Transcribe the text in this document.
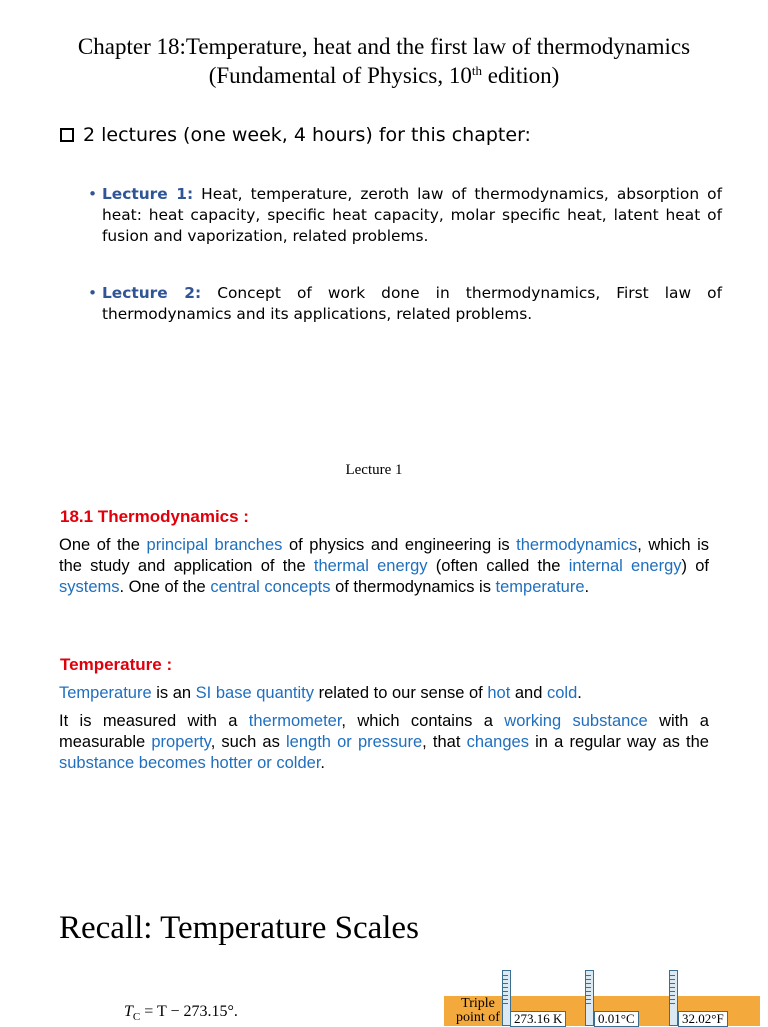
Chapter 18:Temperature, heat and the first law of thermodynamics
(Fundamental of Physics, 10th edition)
2 lectures (one week, 4 hours) for this chapter:
• Lecture 1: Heat, temperature, zeroth law of thermodynamics, absorption of heat: heat capacity, specific heat capacity, molar specific heat, latent heat of fusion and vaporization, related problems.
• Lecture 2: Concept of work done in thermodynamics, First law of thermodynamics and its applications, related problems.
Lecture 1
18.1 Thermodynamics :
One of the principal branches of physics and engineering is thermodynamics, which is the study and application of the thermal energy (often called the internal energy) of systems. One of the central concepts of thermodynamics is temperature.
Temperature :
Temperature is an SI base quantity related to our sense of hot and cold.
It is measured with a thermometer, which contains a working substance with a measurable property, such as length or pressure, that changes in a regular way as the substance becomes hotter or colder.
Recall: Temperature Scales
$T_C = T - 273.15^\circ$.	Triple
point of	273.16 K	0.01°C	32.02°F
